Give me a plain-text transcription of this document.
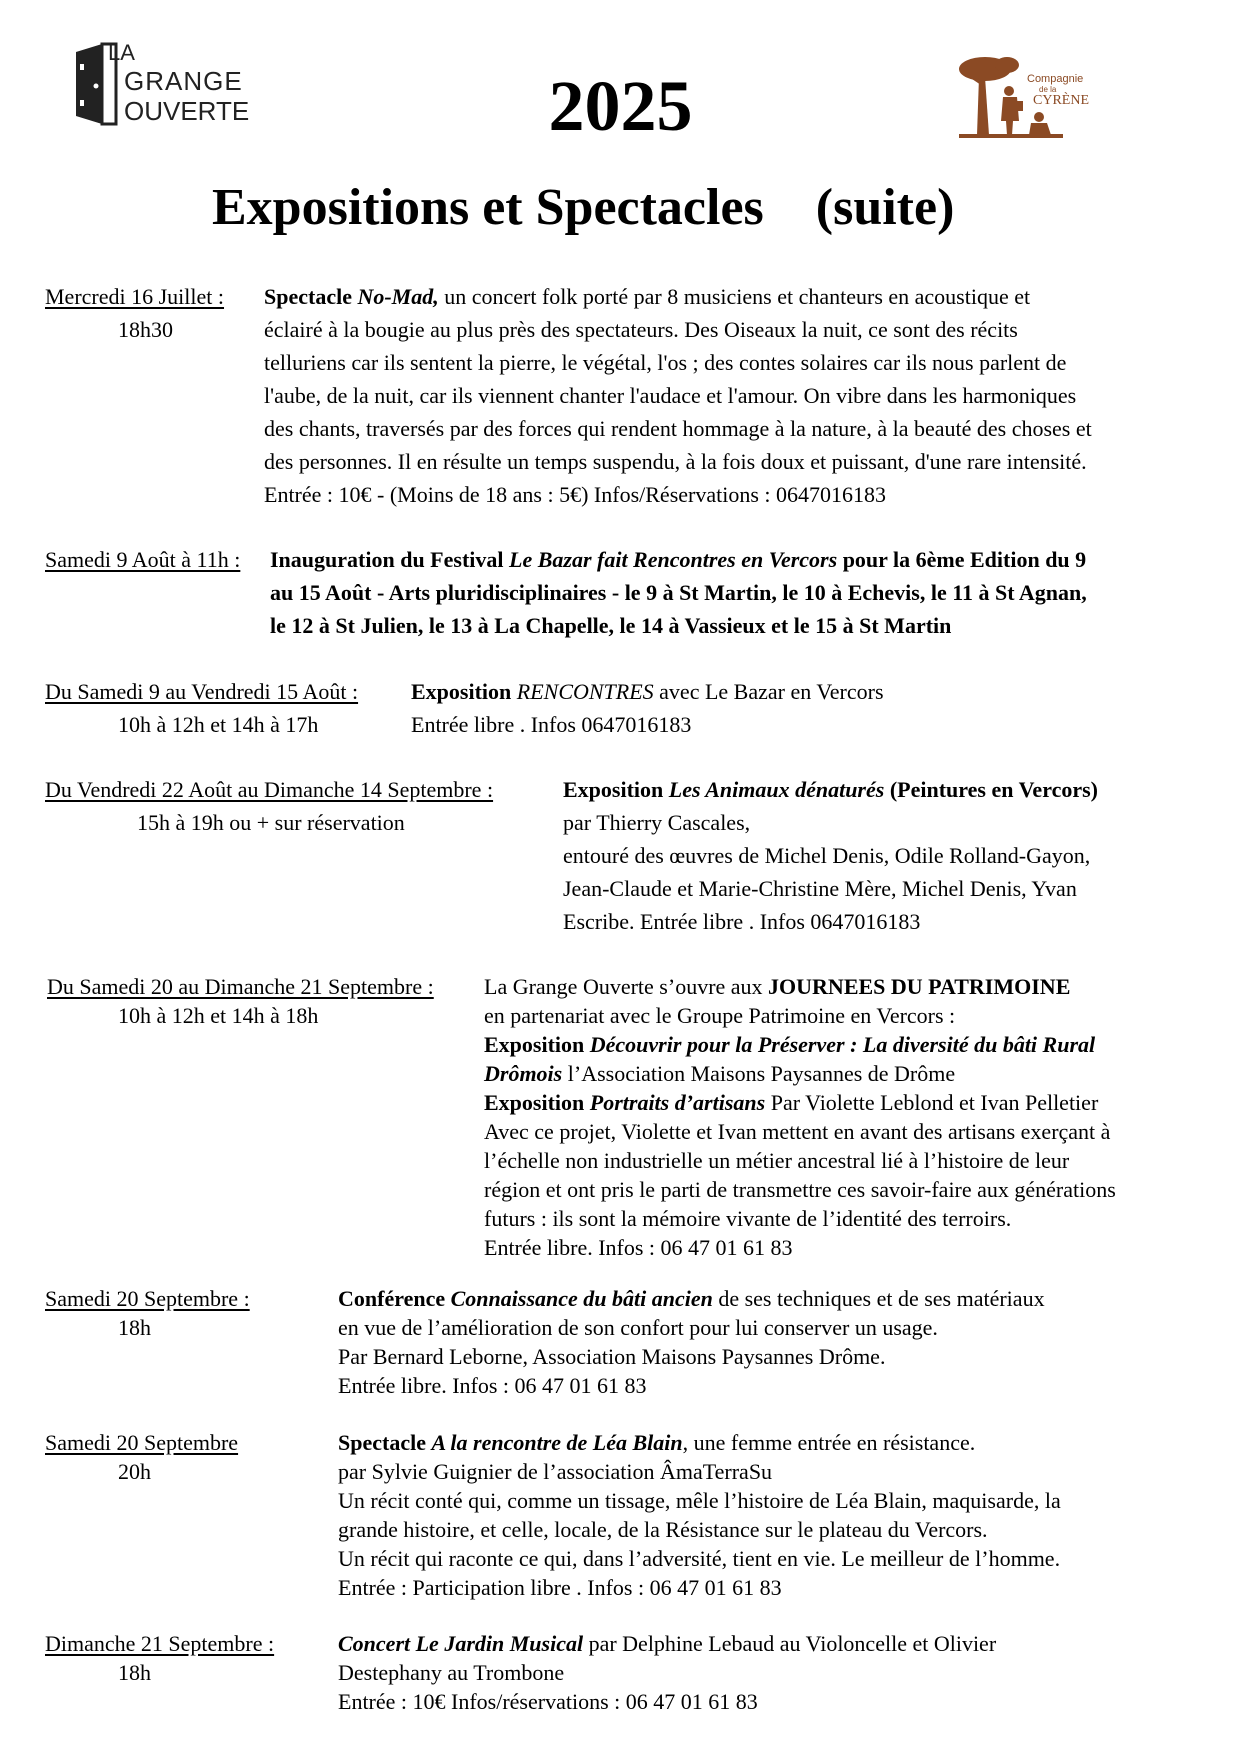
LA
GRANGE
OUVERTE
Compagnie
de la
CYRÈNE
2025
Expositions et Spectacles (suite)
Mercredi 16 Juillet :
18h30
Spectacle No-Mad, un concert folk porté par 8 musiciens et chanteurs en acoustique et
éclairé à la bougie au plus près des spectateurs. Des Oiseaux la nuit, ce sont des récits
telluriens car ils sentent la pierre, le végétal, l'os ; des contes solaires car ils nous parlent de
l'aube, de la nuit, car ils viennent chanter l'audace et l'amour. On vibre dans les harmoniques
des chants, traversés par des forces qui rendent hommage à la nature, à la beauté des choses et
des personnes. Il en résulte un temps suspendu, à la fois doux et puissant, d'une rare intensité.
Entrée : 10€ - (Moins de 18 ans : 5€) Infos/Réservations : 0647016183
Samedi 9 Août à 11h : Inauguration du Festival Le Bazar fait Rencontres en Vercors pour la 6ème Edition du 9
au 15 Août - Arts pluridisciplinaires - le 9 à St Martin, le 10 à Echevis, le 11 à St Agnan,
le 12 à St Julien, le 13 à La Chapelle, le 14 à Vassieux et le 15 à St Martin
Du Samedi 9 au Vendredi 15 Août :
10h à 12h et 14h à 17h
Exposition RENCONTRES avec Le Bazar en Vercors
Entrée libre . Infos 0647016183
Du Vendredi 22 Août au Dimanche 14 Septembre :
15h à 19h ou + sur réservation
Exposition Les Animaux dénaturés (Peintures en Vercors)
par Thierry Cascales,
entouré des œuvres de Michel Denis, Odile Rolland-Gayon,
Jean-Claude et Marie-Christine Mère, Michel Denis, Yvan
Escribe. Entrée libre . Infos 0647016183
Du Samedi 20 au Dimanche 21 Septembre :
10h à 12h et 14h à 18h
La Grange Ouverte s’ouvre aux JOURNEES DU PATRIMOINE
en partenariat avec le Groupe Patrimoine en Vercors :
Exposition Découvrir pour la Préserver : La diversité du bâti Rural
Drômois l’Association Maisons Paysannes de Drôme
Exposition Portraits d’artisans Par Violette Leblond et Ivan Pelletier
Avec ce projet, Violette et Ivan mettent en avant des artisans exerçant à
l’échelle non industrielle un métier ancestral lié à l’histoire de leur
région et ont pris le parti de transmettre ces savoir-faire aux générations
futurs : ils sont la mémoire vivante de l’identité des terroirs.
Entrée libre. Infos : 06 47 01 61 83
Samedi 20 Septembre :
18h
Conférence Connaissance du bâti ancien de ses techniques et de ses matériaux
en vue de l’amélioration de son confort pour lui conserver un usage.
Par Bernard Leborne, Association Maisons Paysannes Drôme.
Entrée libre. Infos : 06 47 01 61 83
Samedi 20 Septembre
20h
Spectacle A la rencontre de Léa Blain, une femme entrée en résistance.
par Sylvie Guignier de l’association ÂmaTerraSu
Un récit conté qui, comme un tissage, mêle l’histoire de Léa Blain, maquisarde, la
grande histoire, et celle, locale, de la Résistance sur le plateau du Vercors.
Un récit qui raconte ce qui, dans l’adversité, tient en vie. Le meilleur de l’homme.
Entrée : Participation libre . Infos : 06 47 01 61 83
Dimanche 21 Septembre :
18h
Concert Le Jardin Musical par Delphine Lebaud au Violoncelle et Olivier
Destephany au Trombone
Entrée : 10€ Infos/réservations : 06 47 01 61 83
